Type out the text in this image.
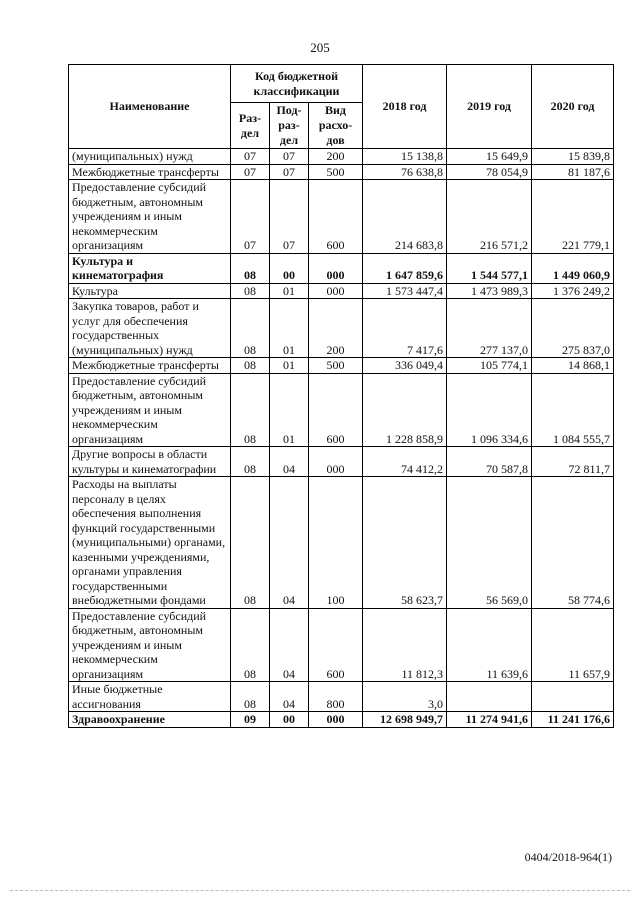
205
Наименование	Код бюджетной классификации			2018 год	2019 год	2020 год
	Раз-дел	Под-раз-дел	Вид расхо-дов			
(муниципальных) нужд	07	07	200	15 138,8	15 649,9	15 839,8
Межбюджетные трансферты	07	07	500	76 638,8	78 054,9	81 187,6
Предоставление субсидий бюджетным, автономным учреждениям и иным некоммерческим организациям	07	07	600	214 683,8	216 571,2	221 779,1
Культура и кинематография	08	00	000	1 647 859,6	1 544 577,1	1 449 060,9
Культура	08	01	000	1 573 447,4	1 473 989,3	1 376 249,2
Закупка товаров, работ и услуг для обеспечения государственных (муниципальных) нужд	08	01	200	7 417,6	277 137,0	275 837,0
Межбюджетные трансферты	08	01	500	336 049,4	105 774,1	14 868,1
Предоставление субсидий бюджетным, автономным учреждениям и иным некоммерческим организациям	08	01	600	1 228 858,9	1 096 334,6	1 084 555,7
Другие вопросы в области культуры и кинематографии	08	04	000	74 412,2	70 587,8	72 811,7
Расходы на выплаты персоналу в целях обеспечения выполнения функций государственными (муниципальными) органами, казенными учреждениями, органами управления государственными внебюджетными фондами	08	04	100	58 623,7	56 569,0	58 774,6
Предоставление субсидий бюджетным, автономным учреждениям и иным некоммерческим организациям	08	04	600	11 812,3	11 639,6	11 657,9
Иные бюджетные ассигнования	08	04	800	3,0		
Здравоохранение	09	00	000	12 698 949,7	11 274 941,6	11 241 176,6
0404/2018-964(1)
